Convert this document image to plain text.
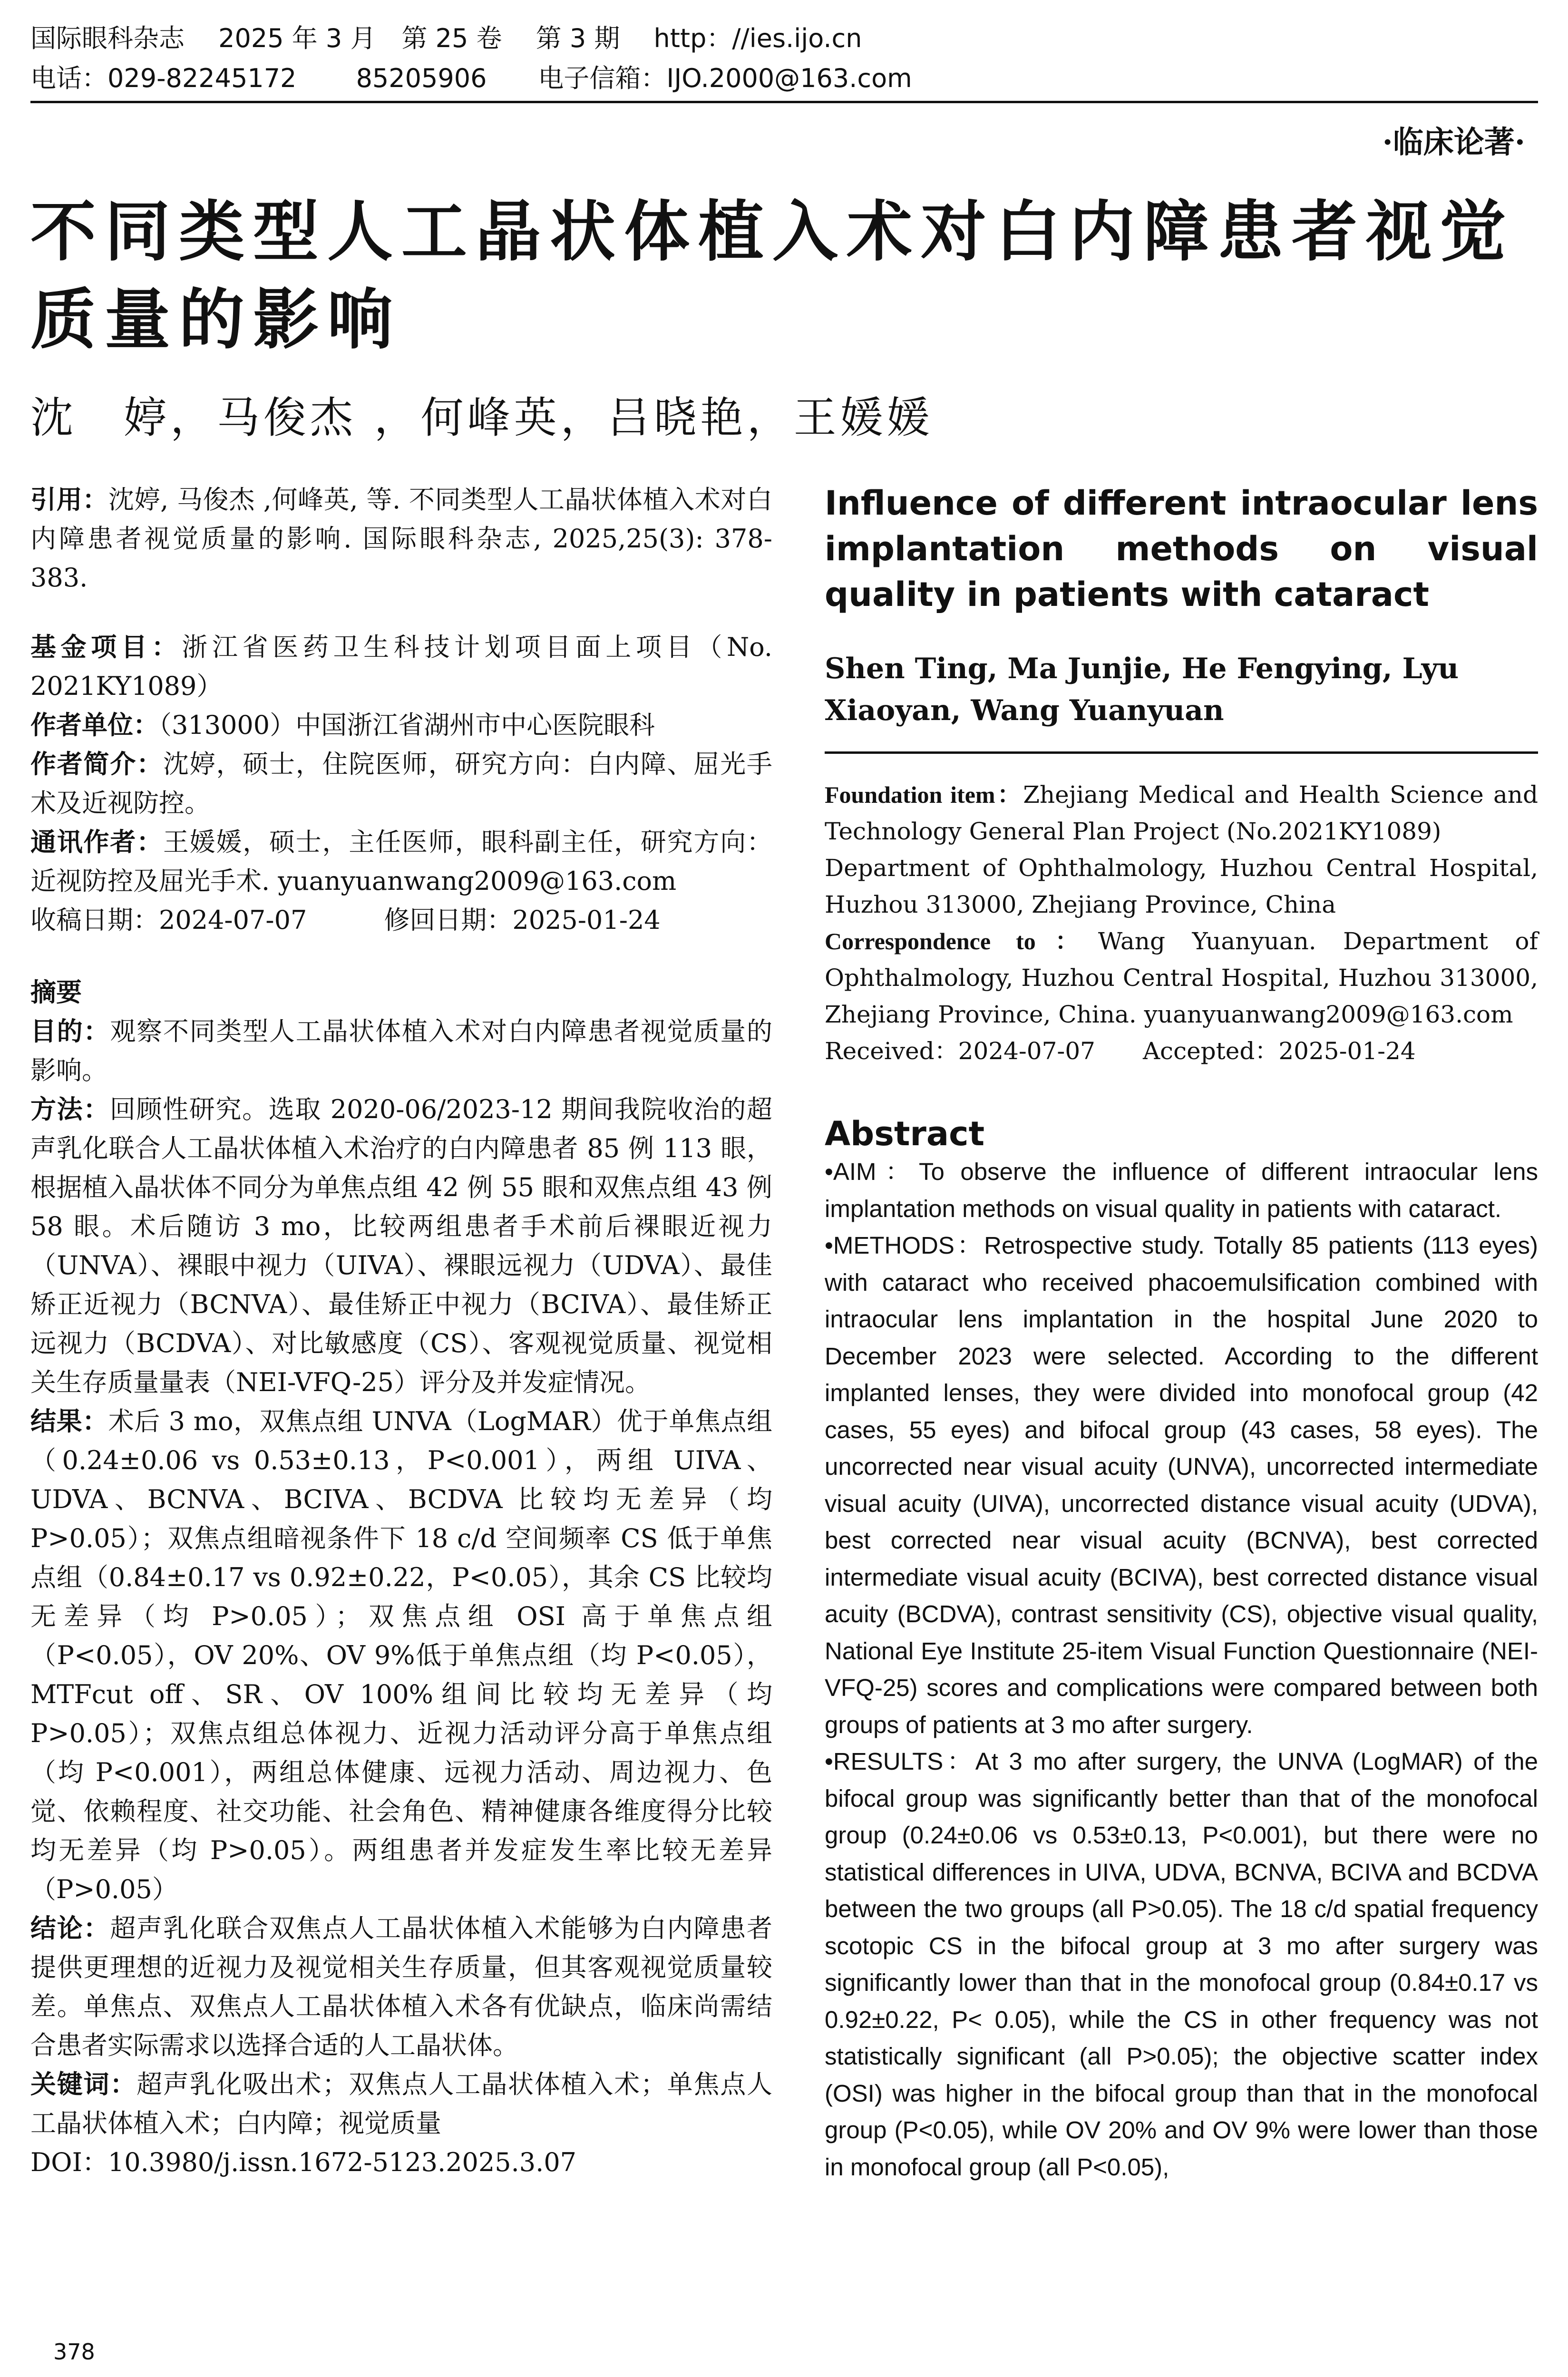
国际眼科杂志　 2025 年 3 月　第 25 卷　 第 3 期　 http：//ies.ijo.cn
电话：029-82245172　　 85205906　　电子信箱：IJO.2000@163.com
·临床论著·
不同类型人工晶状体植入术对白内障患者视觉质量的影响
沈　婷，马俊杰 ，何峰英，吕晓艳，王媛媛
引用：沈婷, 马俊杰 ,何峰英, 等. 不同类型人工晶状体植入术对白内障患者视觉质量的影响. 国际眼科杂志, 2025,25(3): 378-383.

基金项目：浙江省医药卫生科技计划项目面上项目（No. 2021KY1089）

作者单位：（313000）中国浙江省湖州市中心医院眼科

作者简介：沈婷，硕士，住院医师，研究方向：白内障、屈光手术及近视防控。

通讯作者：王媛媛，硕士，主任医师，眼科副主任，研究方向：近视防控及屈光手术. yuanyuanwang2009@163.com

收稿日期：2024-07-07　　　	修回日期：2025-01-24

摘要

目的：观察不同类型人工晶状体植入术对白内障患者视觉质量的影响。

方法：回顾性研究。选取 2020-06/2023-12 期间我院收治的超声乳化联合人工晶状体植入术治疗的白内障患者 85 例 113 眼，根据植入晶状体不同分为单焦点组 42 例 55 眼和双焦点组 43 例 58 眼。术后随访 3 mo，比较两组患者手术前后裸眼近视力（UNVA）、裸眼中视力（UIVA）、裸眼远视力（UDVA）、最佳矫正近视力（BCNVA）、最佳矫正中视力（BCIVA）、最佳矫正远视力（BCDVA）、对比敏感度（CS）、客观视觉质量、视觉相关生存质量量表（NEI-VFQ-25）评分及并发症情况。

结果：术后 3 mo，双焦点组 UNVA（LogMAR）优于单焦点组（0.24±0.06 vs 0.53±0.13，P<0.001），两组 UIVA、UDVA、BCNVA、BCIVA、BCDVA 比较均无差异（均 P>0.05）；双焦点组暗视条件下 18 c/d 空间频率 CS 低于单焦点组（0.84±0.17 vs 0.92±0.22，P<0.05），其余 CS 比较均无差异（均 P>0.05）；双焦点组 OSI 高于单焦点组（P<0.05），OV 20%、OV 9%低于单焦点组（均 P<0.05），MTFcut off、SR、OV 100%组间比较均无差异（均 P>0.05）；双焦点组总体视力、近视力活动评分高于单焦点组（均 P<0.001），两组总体健康、远视力活动、周边视力、色觉、依赖程度、社交功能、社会角色、精神健康各维度得分比较均无差异（均 P>0.05）。两组患者并发症发生率比较无差异（P>0.05）

结论：超声乳化联合双焦点人工晶状体植入术能够为白内障患者提供更理想的近视力及视觉相关生存质量，但其客观视觉质量较差。单焦点、双焦点人工晶状体植入术各有优缺点，临床尚需结合患者实际需求以选择合适的人工晶状体。

关键词：超声乳化吸出术；双焦点人工晶状体植入术；单焦点人工晶状体植入术；白内障；视觉质量

DOI：10.3980/j.issn.1672-5123.2025.3.07

Influence of different intraocular lens implantation methods on visual quality in patients with cataract

Shen Ting, Ma Junjie, He Fengying, Lyu Xiaoyan, Wang Yuanyuan

Foundation item：Zhejiang Medical and Health Science and Technology General Plan Project (No.2021KY1089)

Department of Ophthalmology, Huzhou Central Hospital, Huzhou 313000, Zhejiang Province, China

Correspondence to：Wang Yuanyuan. Department of Ophthalmology, Huzhou Central Hospital, Huzhou 313000, Zhejiang Province, China. yuanyuanwang2009@163.com

Received：2024-07-07　　 Accepted：2025-01-24

Abstract

•AIM：To observe the influence of different intraocular lens implantation methods on visual quality in patients with cataract.

•METHODS：Retrospective study. Totally 85 patients (113 eyes) with cataract who received phacoemulsification combined with intraocular lens implantation in the hospital June 2020 to December 2023 were selected. According to the different implanted lenses, they were divided into monofocal group (42 cases, 55 eyes) and bifocal group (43 cases, 58 eyes). The uncorrected near visual acuity (UNVA), uncorrected intermediate visual acuity (UIVA), uncorrected distance visual acuity (UDVA), best corrected near visual acuity (BCNVA), best corrected intermediate visual acuity (BCIVA), best corrected distance visual acuity (BCDVA), contrast sensitivity (CS), objective visual quality, National Eye Institute 25-item Visual Function Questionnaire (NEI-VFQ-25) scores and complications were compared between both groups of patients at 3 mo after surgery.

•RESULTS：At 3 mo after surgery, the UNVA (LogMAR) of the bifocal group was significantly better than that of the monofocal group (0.24±0.06 vs 0.53±0.13, P<0.001), but there were no statistical differences in UIVA, UDVA, BCNVA, BCIVA and BCDVA between the two groups (all P>0.05). The 18 c/d spatial frequency scotopic CS in the bifocal group at 3 mo after surgery was significantly lower than that in the monofocal group (0.84±0.17 vs 0.92±0.22, P< 0.05), while the CS in other frequency was not statistically significant (all P>0.05); the objective scatter index (OSI) was higher in the bifocal group than that in the monofocal group (P<0.05), while OV 20% and OV 9% were lower than those in monofocal group (all P<0.05),

378
